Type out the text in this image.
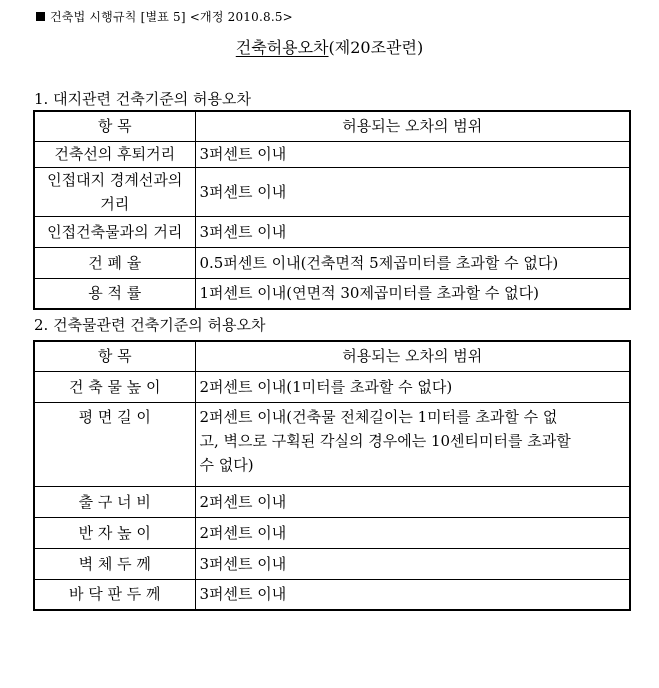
건축법 시행규칙 [별표 5] <개정 2010.8.5>
건축허용오차(제20조관련)
1. 대지관련 건축기준의 허용오차
항 목	허용되는 오차의 범위
건축선의 후퇴거리	3퍼센트 이내
인접대지 경계선과의
거리	3퍼센트 이내
인접건축물과의 거리	3퍼센트 이내
건 폐 율	0.5퍼센트 이내(건축면적 5제곱미터를 초과할 수 없다)
용 적 률	1퍼센트 이내(연면적 30제곱미터를 초과할 수 없다)
2. 건축물관련 건축기준의 허용오차
항 목	허용되는 오차의 범위
건 축 물 높 이	2퍼센트 이내(1미터를 초과할 수 없다)
평 면 길 이	2퍼센트 이내(건축물 전체길이는 1미터를 초과할 수 없
고, 벽으로 구획된 각실의 경우에는 10센티미터를 초과할
수 없다)
출 구 너 비	2퍼센트 이내
반 자 높 이	2퍼센트 이내
벽 체 두 께	3퍼센트 이내
바 닥 판 두 께	3퍼센트 이내
